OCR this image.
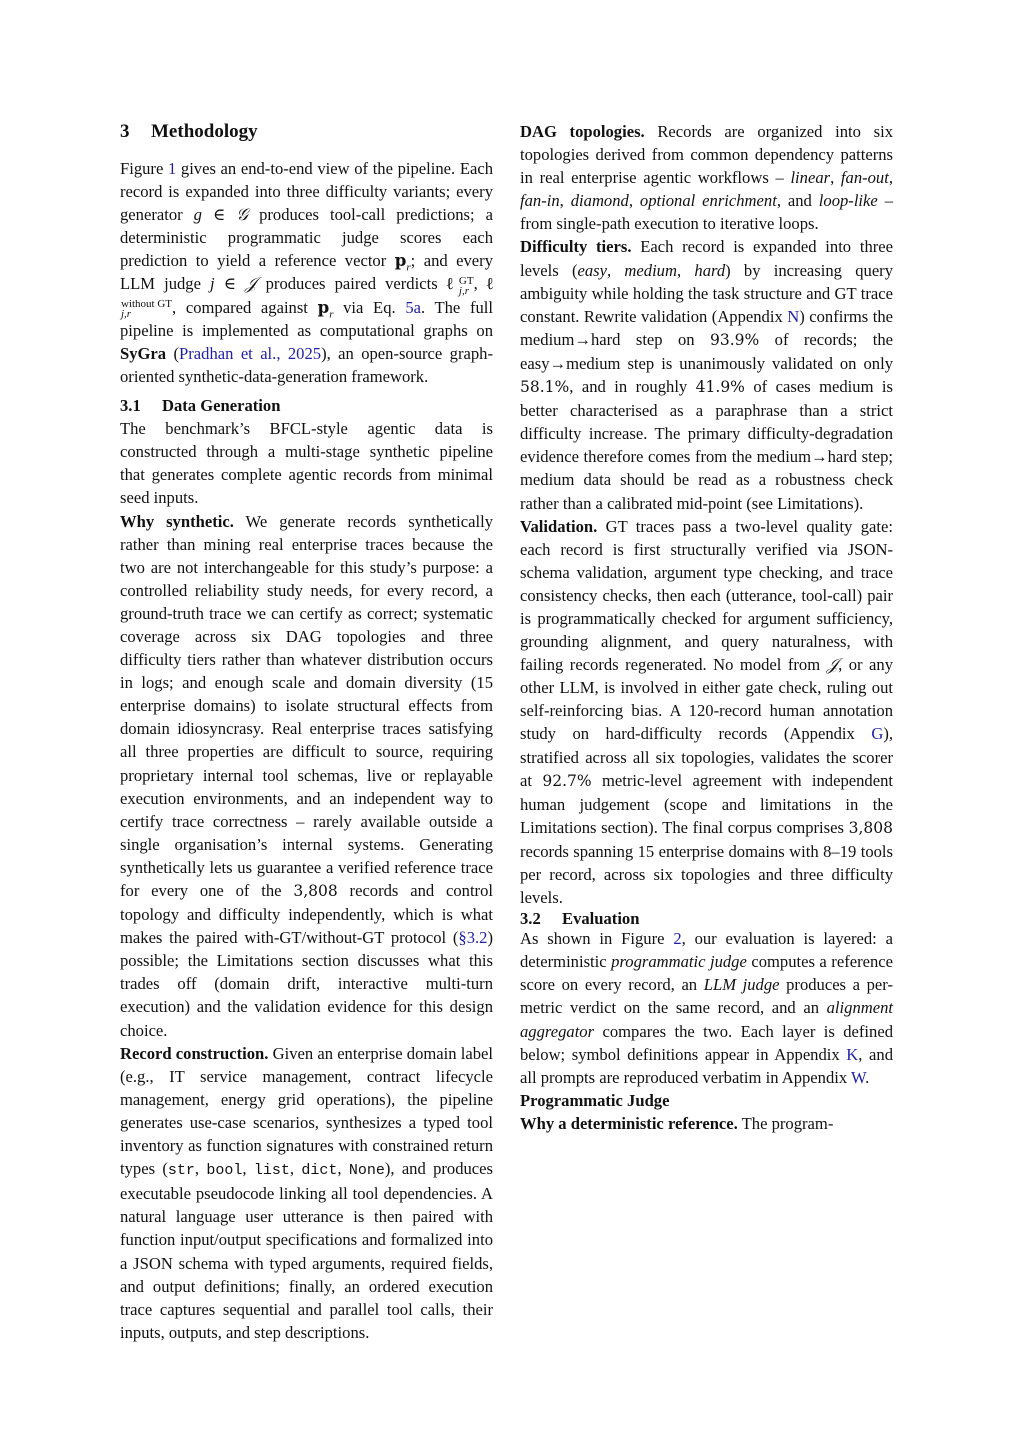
3 Methodology

Figure 1 gives an end-to-end view of the pipeline. Each record is expanded into three difficulty variants; every generator g ∈ 𝒢 produces tool-call predictions; a deterministic programmatic judge scores each prediction to yield a reference vector 𝐩$_r$; and every LLM judge j ∈ 𝒥 produces paired verdicts ℓ GT
j,r , ℓ
without GT
j,r	, compared against 𝐩$_r$ via Eq. 5a. The full pipeline is implemented as computational graphs on SyGra (Pradhan et al., 2025), an open-source graph-oriented synthetic-data-generation framework.

3.1 Data Generation

The benchmark’s BFCL-style agentic data is constructed through a multi-stage synthetic pipeline that generates complete agentic records from minimal seed inputs.

Why synthetic. We generate records synthetically rather than mining real enterprise traces because the two are not interchangeable for this study’s purpose: a controlled reliability study needs, for every record, a ground-truth trace we can certify as correct; systematic coverage across six DAG topologies and three difficulty tiers rather than whatever distribution occurs in logs; and enough scale and domain diversity (15 enterprise domains) to isolate structural effects from domain idiosyncrasy. Real enterprise traces satisfying all three properties are difficult to source, requiring proprietary internal tool schemas, live or replayable execution environments, and an independent way to certify trace correctness – rarely available outside a single organisation’s internal systems. Generating synthetically lets us guarantee a verified reference trace for every one of the 3,808 records and control topology and difficulty independently, which is what makes the paired with-GT/without-GT protocol (§3.2) possible; the Limitations section discusses what this trades off (domain drift, interactive multi-turn execution) and the validation evidence for this design choice.

Record construction. Given an enterprise domain label (e.g., IT service management, contract lifecycle management, energy grid operations), the pipeline generates use-case scenarios, synthesizes a typed tool inventory as function signatures with constrained return types (str, bool, list, dict, None), and produces executable pseudocode linking all tool dependencies. A natural language user utterance is then paired with function input/output specifications and formalized into a JSON schema with typed arguments, required fields, and output definitions; finally, an ordered execution trace captures sequential and parallel tool calls, their inputs, outputs, and step descriptions.

DAG topologies. Records are organized into six topologies derived from common dependency patterns in real enterprise agentic workflows – linear, fan-out, fan-in, diamond, optional enrichment, and loop-like – from single-path execution to iterative loops.

Difficulty tiers. Each record is expanded into three levels (easy, medium, hard) by increasing query ambiguity while holding the task structure and GT trace constant. Rewrite validation (Appendix N) confirms the medium→hard step on 93.9% of records; the easy→medium step is unanimously validated on only 58.1%, and in roughly 41.9% of cases medium is better characterised as a paraphrase than a strict difficulty increase. The primary difficulty-degradation evidence therefore comes from the medium→hard step; medium data should be read as a robustness check rather than a calibrated mid-point (see Limitations).

Validation. GT traces pass a two-level quality gate: each record is first structurally verified via JSON-schema validation, argument type checking, and trace consistency checks, then each (utterance, tool-call) pair is programmatically checked for argument sufficiency, grounding alignment, and query naturalness, with failing records regenerated. No model from 𝒥, or any other LLM, is involved in either gate check, ruling out self-reinforcing bias. A 120-record human annotation study on hard-difficulty records (Appendix G), stratified across all six topologies, validates the scorer at 92.7% metric-level agreement with independent human judgement (scope and limitations in the Limitations section). The final corpus comprises 3,808 records spanning 15 enterprise domains with 8–19 tools per record, across six topologies and three difficulty levels.

3.2 Evaluation

As shown in Figure 2, our evaluation is layered: a deterministic programmatic judge computes a reference score on every record, an LLM judge produces a per-metric verdict on the same record, and an alignment aggregator compares the two. Each layer is defined below; symbol definitions appear in Appendix K, and all prompts are reproduced verbatim in Appendix W.

Programmatic Judge

Why a deterministic reference. The program-
